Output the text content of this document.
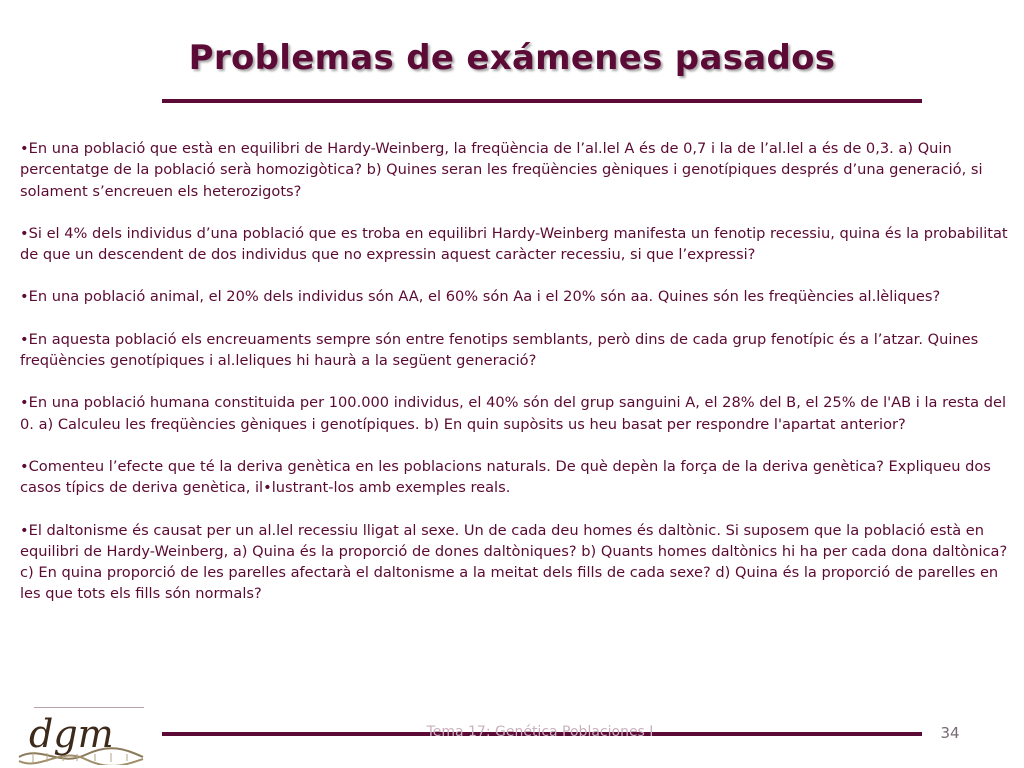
Problemas de exámenes pasados

•En una població que està en equilibri de Hardy-Weinberg, la freqüència de l’al.lel A és de 0,7 i la de l’al.lel a és de 0,3. a) Quin percentatge de la població serà homozigòtica? b) Quines seran les freqüències gèniques i genotípiques després d’una generació, si solament s’encreuen els heterozigots?

•Si el 4% dels individus d’una població que es troba en equilibri Hardy-Weinberg manifesta un fenotip recessiu, quina és la probabilitat de que un descendent de dos individus que no expressin aquest caràcter recessiu, si que l’expressi?

•En una població animal, el 20% dels individus són AA, el 60% són Aa i el 20% són aa. Quines són les freqüències al.lèliques?

•En aquesta població els encreuaments sempre són entre fenotips semblants, però dins de cada grup fenotípic és a l’atzar. Quines freqüències genotípiques i al.leliques hi haurà a la següent generació?

•En una població humana constituida per 100.000 individus, el 40% són del grup sanguini A, el 28% del B, el 25% de l'AB i la resta del 0. a) Calculeu les freqüències gèniques i genotípiques. b) En quin supòsits us heu basat per respondre l'apartat anterior?

•Comenteu l’efecte que té la deriva genètica en les poblacions naturals. De què depèn la força de la deriva genètica? Expliqueu dos casos típics de deriva genètica, il•lustrant-los amb exemples reals.

•El daltonisme és causat per un al.lel recessiu lligat al sexe. Un de cada deu homes és daltònic. Si suposem que la població està en equilibri de Hardy-Weinberg, a) Quina és la proporció de dones daltòniques? b) Quants homes daltònics hi ha per cada dona daltònica? c) En quina proporció de les parelles afectarà el daltonisme a la meitat dels fills de cada sexe? d) Quina és la proporció de parelles en les que tots els fills són normals?

dgm	Tema 17: Genética Poblaciones I	34
